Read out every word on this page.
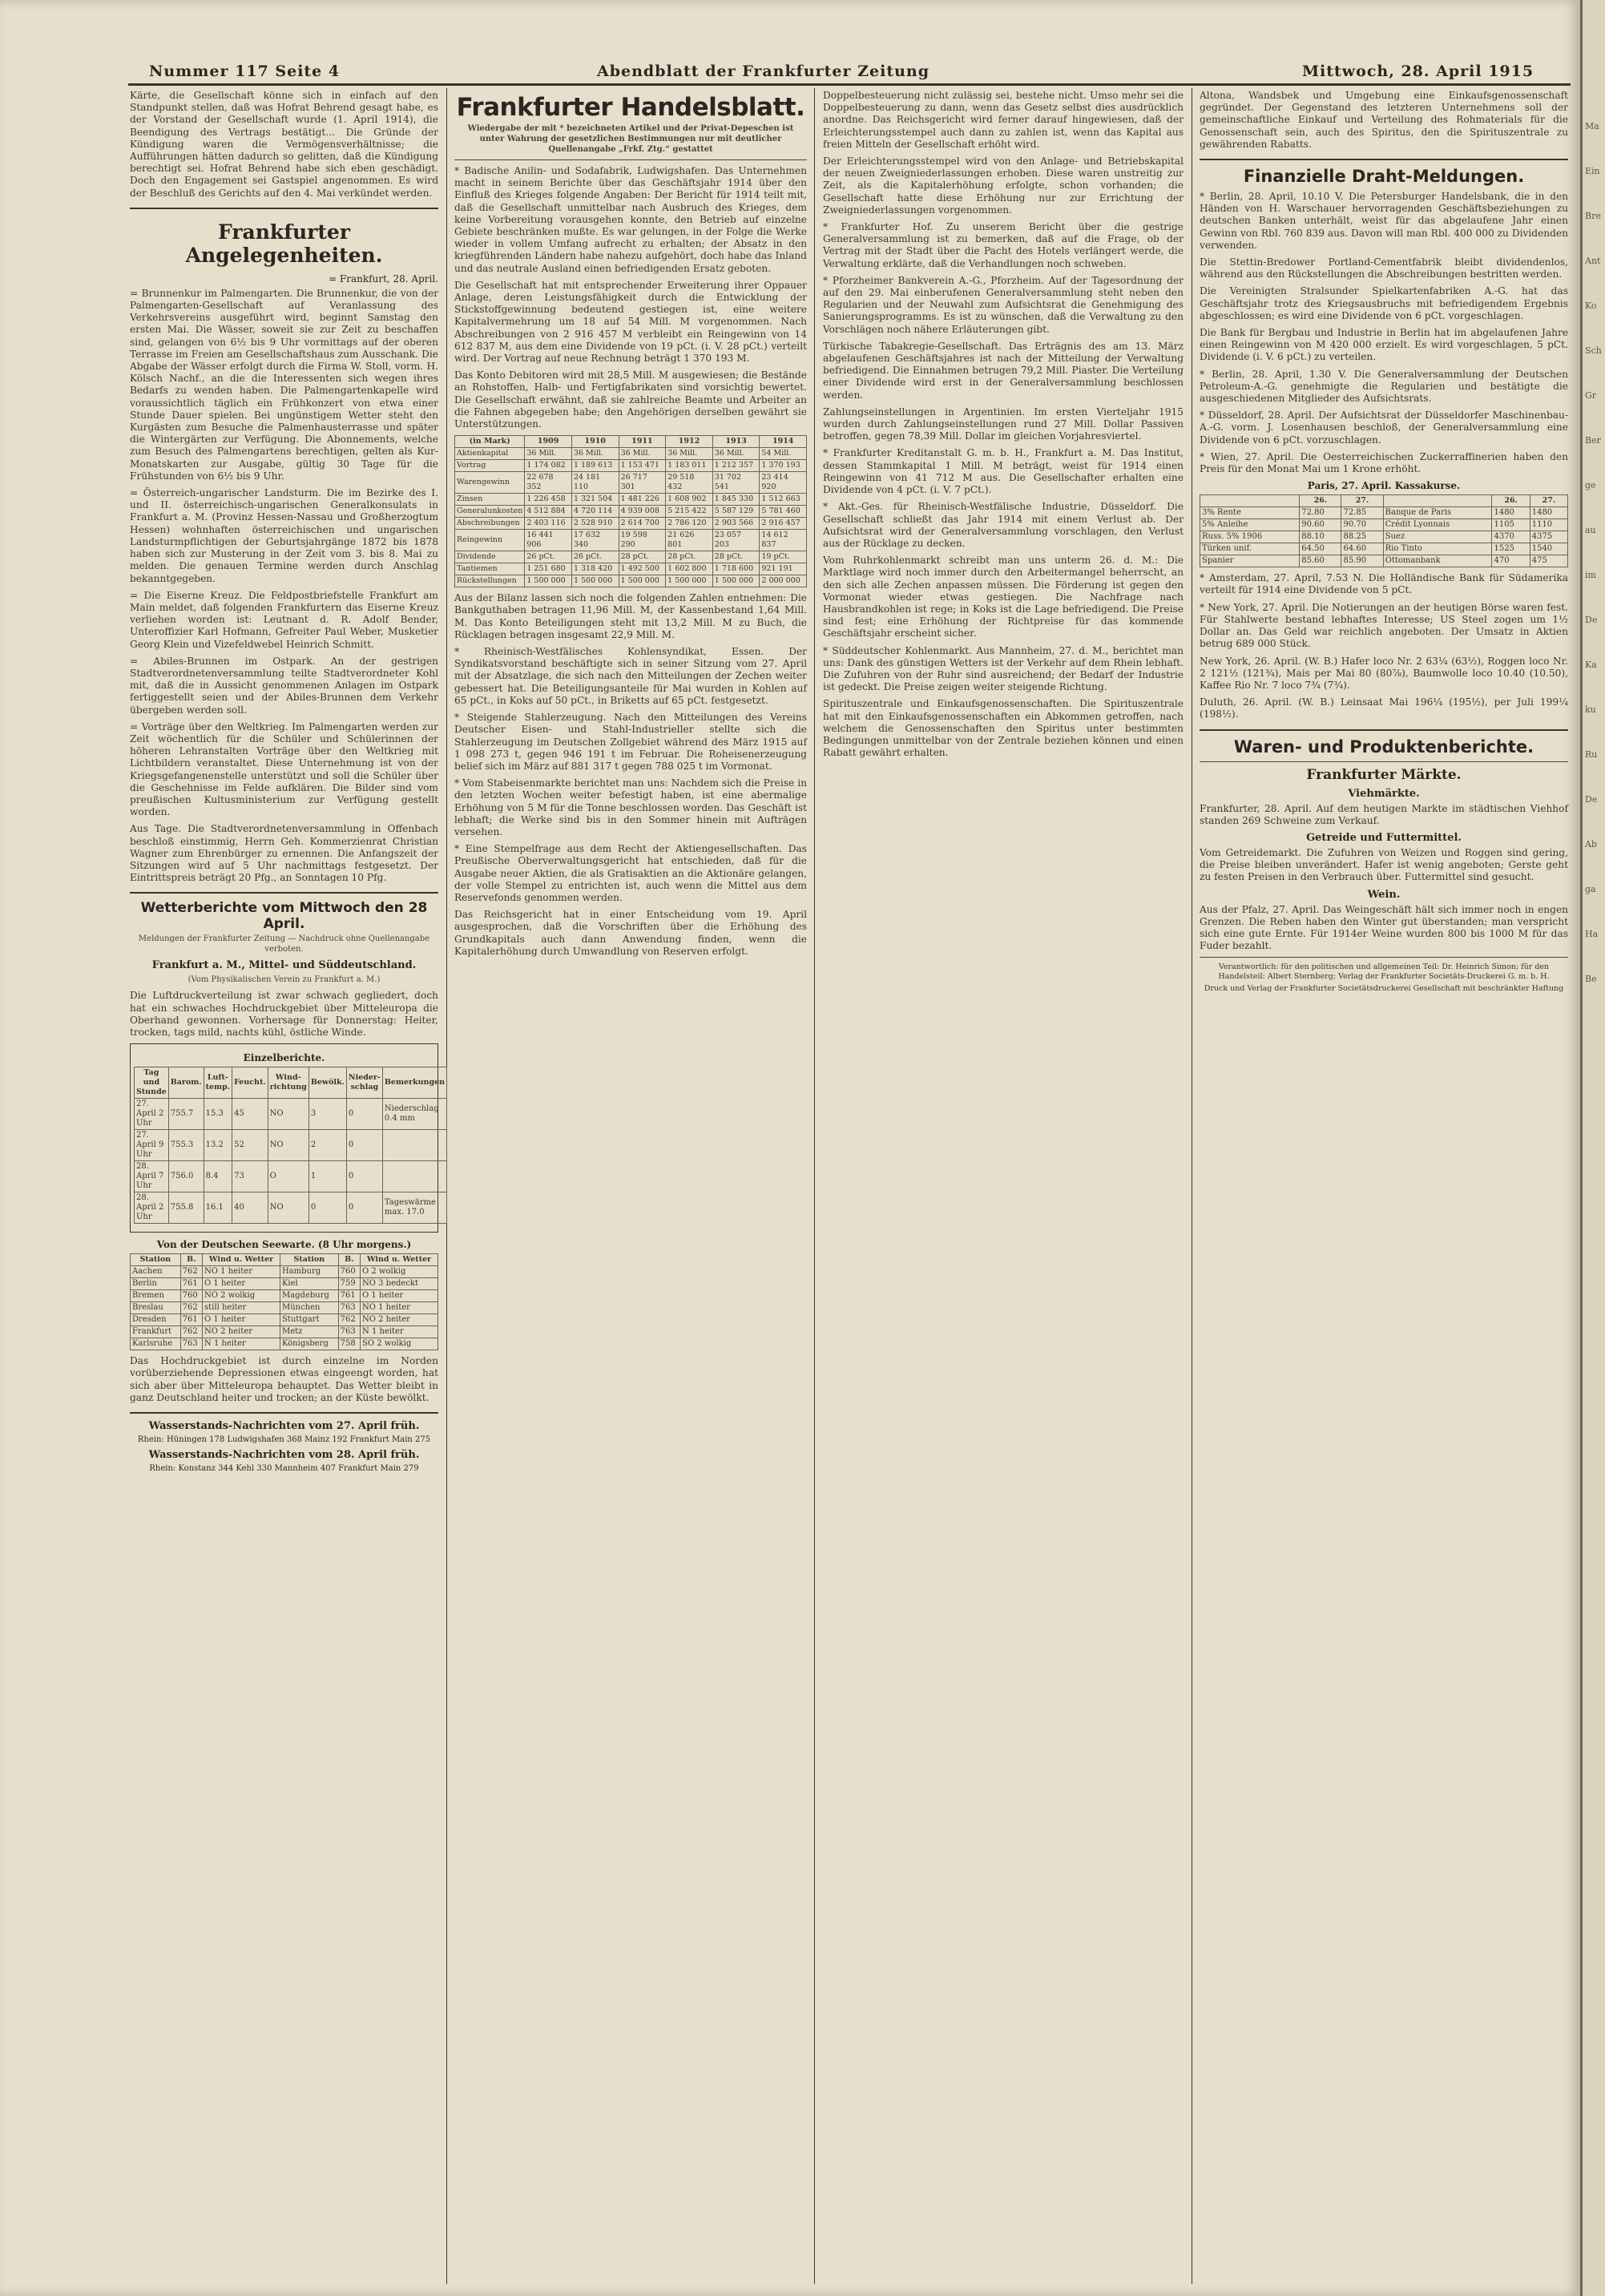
Nummer 117 Seite 4	Abendblatt der Frankfurter Zeitung	Mittwoch, 28. April 1915

Kärte, die Gesellschaft könne sich in einfach auf den Standpunkt stellen, daß was Hofrat Behrend gesagt habe, es der Vorstand der Gesellschaft wurde (1. April 1914), die Beendigung des Vertrags bestätigt... Die Gründe der Kündigung waren die Vermögensverhältnisse; die Aufführungen hätten dadurch so gelitten, daß die Kündigung berechtigt sei. Hofrat Behrend habe sich eben geschädigt. Doch den Engagement sei Gastspiel angenommen. Es wird der Beschluß des Gerichts auf den 4. Mai verkündet werden.

Frankfurter Angelegenheiten.
= Frankfurt, 28. April.

= Brunnenkur im Palmengarten. Die Brunnenkur, die von der Palmengarten-Gesellschaft auf Veranlassung des Verkehrsvereins ausgeführt wird, beginnt Samstag den ersten Mai. Die Wässer, soweit sie zur Zeit zu beschaffen sind, gelangen von 6½ bis 9 Uhr vormittags auf der oberen Terrasse im Freien am Gesellschaftshaus zum Ausschank. Die Abgabe der Wässer erfolgt durch die Firma W. Stoll, vorm. H. Kölsch Nachf., an die die Interessenten sich wegen ihres Bedarfs zu wenden haben. Die Palmengartenkapelle wird voraussichtlich täglich ein Frühkonzert von etwa einer Stunde Dauer spielen. Bei ungünstigem Wetter steht den Kurgästen zum Besuche die Palmenhausterrasse und später die Wintergärten zur Verfügung. Die Abonnements, welche zum Besuch des Palmengartens berechtigen, gelten als Kur-Monatskarten zur Ausgabe, gültig 30 Tage für die Frühstunden von 6½ bis 9 Uhr.

= Österreich-ungarischer Landsturm. Die im Bezirke des I. und II. österreichisch-ungarischen Generalkonsulats in Frankfurt a. M. (Provinz Hessen-Nassau und Großherzogtum Hessen) wohnhaften österreichischen und ungarischen Landsturmpflichtigen der Geburtsjahrgänge 1872 bis 1878 haben sich zur Musterung in der Zeit vom 3. bis 8. Mai zu melden. Die genauen Termine werden durch Anschlag bekanntgegeben.

= Die Eiserne Kreuz. Die Feldpostbriefstelle Frankfurt am Main meldet, daß folgenden Frankfurtern das Eiserne Kreuz verliehen worden ist: Leutnant d. R. Adolf Bender, Unteroffizier Karl Hofmann, Gefreiter Paul Weber, Musketier Georg Klein und Vizefeldwebel Heinrich Schmitt.

= Abiles-Brunnen im Ostpark. An der gestrigen Stadtverordnetenversammlung teilte Stadtverordneter Kohl mit, daß die in Aussicht genommenen Anlagen im Ostpark fertiggestellt seien und der Abiles-Brunnen dem Verkehr übergeben werden soll.

= Vorträge über den Weltkrieg. Im Palmengarten werden zur Zeit wöchentlich für die Schüler und Schülerinnen der höheren Lehranstalten Vorträge über den Weltkrieg mit Lichtbildern veranstaltet. Diese Unternehmung ist von der Kriegsgefangenenstelle unterstützt und soll die Schüler über die Geschehnisse im Felde aufklären. Die Bilder sind vom preußischen Kultusministerium zur Verfügung gestellt worden.

Aus Tage. Die Stadtverordnetenversammlung in Offenbach beschloß einstimmig, Herrn Geh. Kommerzienrat Christian Wagner zum Ehrenbürger zu ernennen. Die Anfangszeit der Sitzungen wird auf 5 Uhr nachmittags festgesetzt. Der Eintrittspreis beträgt 20 Pfg., an Sonntagen 10 Pfg.

Wetterberichte vom Mittwoch den 28 April.
Meldungen der Frankfurter Zeitung — Nachdruck ohne Quellenangabe verboten.
Frankfurt a. M., Mittel- und Süddeutschland.
(Vom Physikalischen Verein zu Frankfurt a. M.)

Die Luftdruckverteilung ist zwar schwach gegliedert, doch hat ein schwaches Hochdruckgebiet über Mitteleuropa die Oberhand gewonnen. Vorhersage für Donnerstag: Heiter, trocken, tags mild, nachts kühl, östliche Winde.

Einzelberichte.
Tag und Stunde	Barom.	Luft-temp.	Feucht.	Wind-richtung	Bewölk.	Nieder-schlag	Bemerkungen
27. April 2 Uhr	755.7	15.3	45	NO	3	0	Niederschlag 0.4 mm
27. April 9 Uhr	755.3	13.2	52	NO	2	0	
28. April 7 Uhr	756.0	8.4	73	O	1	0	
28. April 2 Uhr	755.8	16.1	40	NO	0	0	Tageswärme max. 17.0
Von der Deutschen Seewarte. (8 Uhr morgens.)
Station	B.	Wind u. Wetter	Station	B.	Wind u. Wetter
Aachen	762	NO 1 heiter	Hamburg	760	O 2 wolkig
Berlin	761	O 1 heiter	Kiel	759	NO 3 bedeckt
Bremen	760	NO 2 wolkig	Magdeburg	761	O 1 heiter
Breslau	762	still heiter	München	763	NO 1 heiter
Dresden	761	O 1 heiter	Stuttgart	762	NO 2 heiter
Frankfurt	762	NO 2 heiter	Metz	763	N 1 heiter
Karlsruhe	763	N 1 heiter	Königsberg	758	SO 2 wolkig

Das Hochdruckgebiet ist durch einzelne im Norden vorüberziehende Depressionen etwas eingeengt worden, hat sich aber über Mitteleuropa behauptet. Das Wetter bleibt in ganz Deutschland heiter und trocken; an der Küste bewölkt.

Wasserstands-Nachrichten vom 27. April früh.
Rhein: Hüningen 178 Ludwigshafen 368 Mainz 192 Frankfurt Main 275
Wasserstands-Nachrichten vom 28. April früh.
Rhein: Konstanz 344 Kehl 330 Mannheim 407 Frankfurt Main 279
Frankfurter Handelsblatt.
Wiedergabe der mit * bezeichneten Artikel und der Privat-Depeschen ist unter Wahrung der gesetzlichen Bestimmungen nur mit deutlicher Quellenangabe „Frkf. Ztg.“ gestattet

* Badische Anilin- und Sodafabrik, Ludwigshafen. Das Unternehmen macht in seinem Berichte über das Geschäftsjahr 1914 über den Einfluß des Krieges folgende Angaben: Der Bericht für 1914 teilt mit, daß die Gesellschaft unmittelbar nach Ausbruch des Krieges, dem keine Vorbereitung vorausgehen konnte, den Betrieb auf einzelne Gebiete beschränken mußte. Es war gelungen, in der Folge die Werke wieder in vollem Umfang aufrecht zu erhalten; der Absatz in den kriegführenden Ländern habe nahezu aufgehört, doch habe das Inland und das neutrale Ausland einen befriedigenden Ersatz geboten.

Die Gesellschaft hat mit entsprechender Erweiterung ihrer Oppauer Anlage, deren Leistungsfähigkeit durch die Entwicklung der Stickstoffgewinnung bedeutend gestiegen ist, eine weitere Kapitalvermehrung um 18 auf 54 Mill. M vorgenommen. Nach Abschreibungen von 2 916 457 M verbleibt ein Reingewinn von 14 612 837 M, aus dem eine Dividende von 19 pCt. (i. V. 28 pCt.) verteilt wird. Der Vortrag auf neue Rechnung beträgt 1 370 193 M.

Das Konto Debitoren wird mit 28,5 Mill. M ausgewiesen; die Bestände an Rohstoffen, Halb- und Fertigfabrikaten sind vorsichtig bewertet. Die Gesellschaft erwähnt, daß sie zahlreiche Beamte und Arbeiter an die Fahnen abgegeben habe; den Angehörigen derselben gewährt sie Unterstützungen.

(in Mark)	1909	1910	1911	1912	1913	1914
Aktienkapital	36 Mill.	36 Mill.	36 Mill.	36 Mill.	36 Mill.	54 Mill.
Vortrag	1 174 082	1 189 613	1 153 471	1 183 011	1 212 357	1 370 193
Warengewinn	22 678 352	24 181 110	26 717 301	29 518 432	31 702 541	23 414 920
Zinsen	1 226 458	1 321 504	1 481 226	1 608 902	1 845 330	1 512 663
Generalunkosten	4 512 884	4 720 114	4 939 008	5 215 422	5 587 129	5 781 460
Abschreibungen	2 403 116	2 528 910	2 614 700	2 786 120	2 903 566	2 916 457
Reingewinn	16 441 906	17 632 340	19 598 290	21 626 801	23 057 203	14 612 837
Dividende	26 pCt.	26 pCt.	28 pCt.	28 pCt.	28 pCt.	19 pCt.
Tantiemen	1 251 680	1 318 420	1 492 500	1 602 800	1 718 600	921 191
Rückstellungen	1 500 000	1 500 000	1 500 000	1 500 000	1 500 000	2 000 000

Aus der Bilanz lassen sich noch die folgenden Zahlen entnehmen: Die Bankguthaben betragen 11,96 Mill. M, der Kassenbestand 1,64 Mill. M. Das Konto Beteiligungen steht mit 13,2 Mill. M zu Buch, die Rücklagen betragen insgesamt 22,9 Mill. M.

* Rheinisch-Westfälisches Kohlensyndikat, Essen. Der Syndikatsvorstand beschäftigte sich in seiner Sitzung vom 27. April mit der Absatzlage, die sich nach den Mitteilungen der Zechen weiter gebessert hat. Die Beteiligungsanteile für Mai wurden in Kohlen auf 65 pCt., in Koks auf 50 pCt., in Briketts auf 65 pCt. festgesetzt.

* Steigende Stahlerzeugung. Nach den Mitteilungen des Vereins Deutscher Eisen- und Stahl-Industrieller stellte sich die Stahlerzeugung im Deutschen Zollgebiet während des März 1915 auf 1 098 273 t, gegen 946 191 t im Februar. Die Roheisenerzeugung belief sich im März auf 881 317 t gegen 788 025 t im Vormonat.

* Vom Stabeisenmarkte berichtet man uns: Nachdem sich die Preise in den letzten Wochen weiter befestigt haben, ist eine abermalige Erhöhung von 5 M für die Tonne beschlossen worden. Das Geschäft ist lebhaft; die Werke sind bis in den Sommer hinein mit Aufträgen versehen.

* Eine Stempelfrage aus dem Recht der Aktiengesellschaften. Das Preußische Oberverwaltungsgericht hat entschieden, daß für die Ausgabe neuer Aktien, die als Gratisaktien an die Aktionäre gelangen, der volle Stempel zu entrichten ist, auch wenn die Mittel aus dem Reservefonds genommen werden.

Das Reichsgericht hat in einer Entscheidung vom 19. April ausgesprochen, daß die Vorschriften über die Erhöhung des Grundkapitals auch dann Anwendung finden, wenn die Kapitalerhöhung durch Umwandlung von Reserven erfolgt.

Doppelbesteuerung nicht zulässig sei, bestehe nicht. Umso mehr sei die Doppelbesteuerung zu dann, wenn das Gesetz selbst dies ausdrücklich anordne. Das Reichsgericht wird ferner darauf hingewiesen, daß der Erleichterungsstempel auch dann zu zahlen ist, wenn das Kapital aus freien Mitteln der Gesellschaft erhöht wird.

Der Erleichterungsstempel wird von den Anlage- und Betriebskapital der neuen Zweigniederlassungen erhoben. Diese waren unstreitig zur Zeit, als die Kapitalerhöhung erfolgte, schon vorhanden; die Gesellschaft hatte diese Erhöhung nur zur Errichtung der Zweigniederlassungen vorgenommen.

* Frankfurter Hof. Zu unserem Bericht über die gestrige Generalversammlung ist zu bemerken, daß auf die Frage, ob der Vertrag mit der Stadt über die Pacht des Hotels verlängert werde, die Verwaltung erklärte, daß die Verhandlungen noch schweben.

* Pforzheimer Bankverein A.-G., Pforzheim. Auf der Tagesordnung der auf den 29. Mai einberufenen Generalversammlung steht neben den Regularien und der Neuwahl zum Aufsichtsrat die Genehmigung des Sanierungsprogramms. Es ist zu wünschen, daß die Verwaltung zu den Vorschlägen noch nähere Erläuterungen gibt.

Türkische Tabakregie-Gesellschaft. Das Erträgnis des am 13. März abgelaufenen Geschäftsjahres ist nach der Mitteilung der Verwaltung befriedigend. Die Einnahmen betrugen 79,2 Mill. Piaster. Die Verteilung einer Dividende wird erst in der Generalversammlung beschlossen werden.

Zahlungseinstellungen in Argentinien. Im ersten Vierteljahr 1915 wurden durch Zahlungseinstellungen rund 27 Mill. Dollar Passiven betroffen, gegen 78,39 Mill. Dollar im gleichen Vorjahresviertel.

* Frankfurter Kreditanstalt G. m. b. H., Frankfurt a. M. Das Institut, dessen Stammkapital 1 Mill. M beträgt, weist für 1914 einen Reingewinn von 41 712 M aus. Die Gesellschafter erhalten eine Dividende von 4 pCt. (i. V. 7 pCt.).

* Akt.-Ges. für Rheinisch-Westfälische Industrie, Düsseldorf. Die Gesellschaft schließt das Jahr 1914 mit einem Verlust ab. Der Aufsichtsrat wird der Generalversammlung vorschlagen, den Verlust aus der Rücklage zu decken.

Vom Ruhrkohlenmarkt schreibt man uns unterm 26. d. M.: Die Marktlage wird noch immer durch den Arbeitermangel beherrscht, an den sich alle Zechen anpassen müssen. Die Förderung ist gegen den Vormonat wieder etwas gestiegen. Die Nachfrage nach Hausbrandkohlen ist rege; in Koks ist die Lage befriedigend. Die Preise sind fest; eine Erhöhung der Richtpreise für das kommende Geschäftsjahr erscheint sicher.

* Süddeutscher Kohlenmarkt. Aus Mannheim, 27. d. M., berichtet man uns: Dank des günstigen Wetters ist der Verkehr auf dem Rhein lebhaft. Die Zufuhren von der Ruhr sind ausreichend; der Bedarf der Industrie ist gedeckt. Die Preise zeigen weiter steigende Richtung.

Spirituszentrale und Einkaufsgenossenschaften. Die Spirituszentrale hat mit den Einkaufsgenossenschaften ein Abkommen getroffen, nach welchem die Genossenschaften den Spiritus unter bestimmten Bedingungen unmittelbar von der Zentrale beziehen können und einen Rabatt gewährt erhalten.

Altona, Wandsbek und Umgebung eine Einkaufsgenossenschaft gegründet. Der Gegenstand des letzteren Unternehmens soll der gemeinschaftliche Einkauf und Verteilung des Rohmaterials für die Genossenschaft sein, auch des Spiritus, den die Spirituszentrale zu gewährenden Rabatts.

Finanzielle Draht-Meldungen.

* Berlin, 28. April, 10.10 V. Die Petersburger Handelsbank, die in den Händen von H. Warschauer hervorragenden Geschäftsbeziehungen zu deutschen Banken unterhält, weist für das abgelaufene Jahr einen Gewinn von Rbl. 760 839 aus. Davon will man Rbl. 400 000 zu Dividenden verwenden.

Die Stettin-Bredower Portland-Cementfabrik bleibt dividendenlos, während aus den Rückstellungen die Abschreibungen bestritten werden.

Die Vereinigten Stralsunder Spielkartenfabriken A.-G. hat das Geschäftsjahr trotz des Kriegsausbruchs mit befriedigendem Ergebnis abgeschlossen; es wird eine Dividende von 6 pCt. vorgeschlagen.

Die Bank für Bergbau und Industrie in Berlin hat im abgelaufenen Jahre einen Reingewinn von M 420 000 erzielt. Es wird vorgeschlagen, 5 pCt. Dividende (i. V. 6 pCt.) zu verteilen.

* Berlin, 28. April, 1.30 V. Die Generalversammlung der Deutschen Petroleum-A.-G. genehmigte die Regularien und bestätigte die ausgeschiedenen Mitglieder des Aufsichtsrats.

* Düsseldorf, 28. April. Der Aufsichtsrat der Düsseldorfer Maschinenbau-A.-G. vorm. J. Losenhausen beschloß, der Generalversammlung eine Dividende von 6 pCt. vorzuschlagen.

* Wien, 27. April. Die Oesterreichischen Zuckerraffinerien haben den Preis für den Monat Mai um 1 Krone erhöht.

Paris, 27. April. Kassakurse.
	26.	27.		26.	27.
3% Rente	72.80	72.85	Banque de Paris	1480	1480
5% Anleihe	90.60	90.70	Crédit Lyonnais	1105	1110
Russ. 5% 1906	88.10	88.25	Suez	4370	4375
Türken unif.	64.50	64.60	Rio Tinto	1525	1540
Spanier	85.60	85.90	Ottomanbank	470	475

* Amsterdam, 27. April, 7.53 N. Die Holländische Bank für Südamerika verteilt für 1914 eine Dividende von 5 pCt.

* New York, 27. April. Die Notierungen an der heutigen Börse waren fest. Für Stahlwerte bestand lebhaftes Interesse; US Steel zogen um 1½ Dollar an. Das Geld war reichlich angeboten. Der Umsatz in Aktien betrug 689 000 Stück.

New York, 26. April. (W. B.) Hafer loco Nr. 2 63¼ (63½), Roggen loco Nr. 2 121½ (121¾), Mais per Mai 80 (80⅞), Baumwolle loco 10.40 (10.50), Kaffee Rio Nr. 7 loco 7¾ (7¾).

Duluth, 26. April. (W. B.) Leinsaat Mai 196¼ (195½), per Juli 199¼ (198½).

Waren- und Produktenberichte.
Frankfurter Märkte.
Viehmärkte.

Frankfurter, 28. April. Auf dem heutigen Markte im städtischen Viehhof standen 269 Schweine zum Verkauf.

Getreide und Futtermittel.

Vom Getreidemarkt. Die Zufuhren von Weizen und Roggen sind gering, die Preise bleiben unverändert. Hafer ist wenig angeboten; Gerste geht zu festen Preisen in den Verbrauch über. Futtermittel sind gesucht.

Wein.

Aus der Pfalz, 27. April. Das Weingeschäft hält sich immer noch in engen Grenzen. Die Reben haben den Winter gut überstanden; man verspricht sich eine gute Ernte. Für 1914er Weine wurden 800 bis 1000 M für das Fuder bezahlt.

Verantwortlich: für den politischen und allgemeinen Teil: Dr. Heinrich Simon; für den Handelsteil: Albert Sternberg; Verlag der Frankfurter Societäts-Druckerei G. m. b. H.
Druck und Verlag der Frankfurter Societätsdruckerei Gesellschaft mit beschränkter Haftung
Ma
Ein
Bre
Ant
Ko
Sch
Gr
Ber
ge
au
im
De
Ka
ku
Ru
De
Ab
ga
Ha
Be
